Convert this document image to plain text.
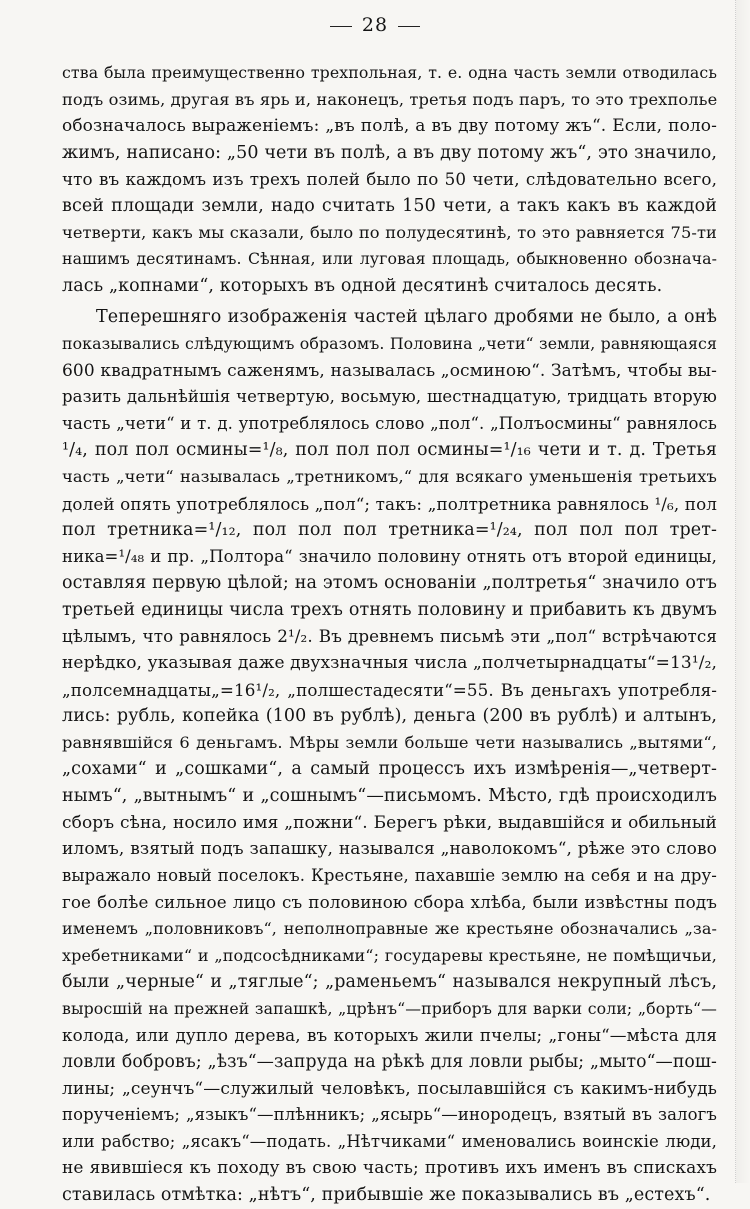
28
ства была преимущественно трехпольная, т. е. одна часть земли отводилась
подъ озимь, другая въ ярь и, наконецъ, третья подъ паръ, то это трехполье
обозначалось выраженіемъ: „въ полѣ, а въ дву потому жъ“. Если, поло-
жимъ, написано: „50 чети въ полѣ, а въ дву потому жъ“, это значило,
что въ каждомъ изъ трехъ полей было по 50 чети, слѣдовательно всего,
всей площади земли, надо считать 150 чети, а такъ какъ въ каждой
четверти, какъ мы сказали, было по полудесятинѣ, то это равняется 75-ти
нашимъ десятинамъ. Сѣнная, или луговая площадь, обыкновенно обознача-
лась „копнами“, которыхъ въ одной десятинѣ считалось десять.
Теперешняго изображенія частей цѣлаго дробями не было, а онѣ
показывались слѣдующимъ образомъ. Половина „чети“ земли, равняющаяся
600 квадратнымъ саженямъ, называлась „осминою“. Затѣмъ, чтобы вы-
разить дальнѣйшія четвертую, восьмую, шестнадцатую, тридцать вторую
часть „чети“ и т. д. употреблялось слово „пол“. „Полъосмины“ равнялось
¹/₄, пол пол осмины=¹/₈, пол пол пол осмины=¹/₁₆ чети и т. д. Третья
часть „чети“ называлась „третникомъ,“ для всякаго уменьшенія третьихъ
долей опять употреблялось „пол“; такъ: „полтретника равнялось ¹/₆, пол
пол третника=¹/₁₂, пол пол пол третника=¹/₂₄, пол пол пол трет-
ника=¹/₄₈ и пр. „Полтора“ значило половину отнять отъ второй единицы,
оставляя первую цѣлой; на этомъ основаніи „полтретья“ значило отъ
третьей единицы числа трехъ отнять половину и прибавить къ двумъ
цѣлымъ, что равнялось 2¹/₂. Въ древнемъ письмѣ эти „пол“ встрѣчаются
нерѣдко, указывая даже двухзначныя числа „полчетырнадцаты“=13¹/₂,
„полсемнадцаты„=16¹/₂, „полшестадесяти“=55. Въ деньгахъ употребля-
лись: рубль, копейка (100 въ рублѣ), деньга (200 въ рублѣ) и алтынъ,
равнявшійся 6 деньгамъ. Мѣры земли больше чети назывались „вытями“,
„сохами“ и „сошками“, а самый процессъ ихъ измѣренія—„четверт-
нымъ“, „вытнымъ“ и „сошнымъ“—письмомъ. Мѣсто, гдѣ происходилъ
сборъ сѣна, носило имя „пожни“. Берегъ рѣки, выдавшійся и обильный
иломъ, взятый подъ запашку, назывался „наволокомъ“, рѣже это слово
выражало новый поселокъ. Крестьяне, пахавшіе землю на себя и на дру-
гое болѣе сильное лицо съ половиною сбора хлѣба, были извѣстны подъ
именемъ „половниковъ“, неполноправные же крестьяне обозначались „за-
хребетниками“ и „подсосѣдниками“; государевы крестьяне, не помѣщичьи,
были „черные“ и „тяглые“; „раменьемъ“ назывался некрупный лѣсъ,
выросшій на прежней запашкѣ, „црѣнъ“—приборъ для варки соли; „борть“—
колода, или дупло дерева, въ которыхъ жили пчелы; „гоны“—мѣста для
ловли бобровъ; „ѣзъ“—запруда на рѣкѣ для ловли рыбы; „мыто“—пош-
лины; „сеунчъ“—служилый человѣкъ, посылавшійся съ какимъ-нибудь
порученіемъ; „языкъ“—плѣнникъ; „ясырь“—инородецъ, взятый въ залогъ
или рабство; „ясакъ“—подать. „Нѣтчиками“ именовались воинскіе люди,
не явившіеся къ походу въ свою часть; противъ ихъ именъ въ спискахъ
ставилась отмѣтка: „нѣтъ“, прибывшіе же показывались въ „естехъ“.
